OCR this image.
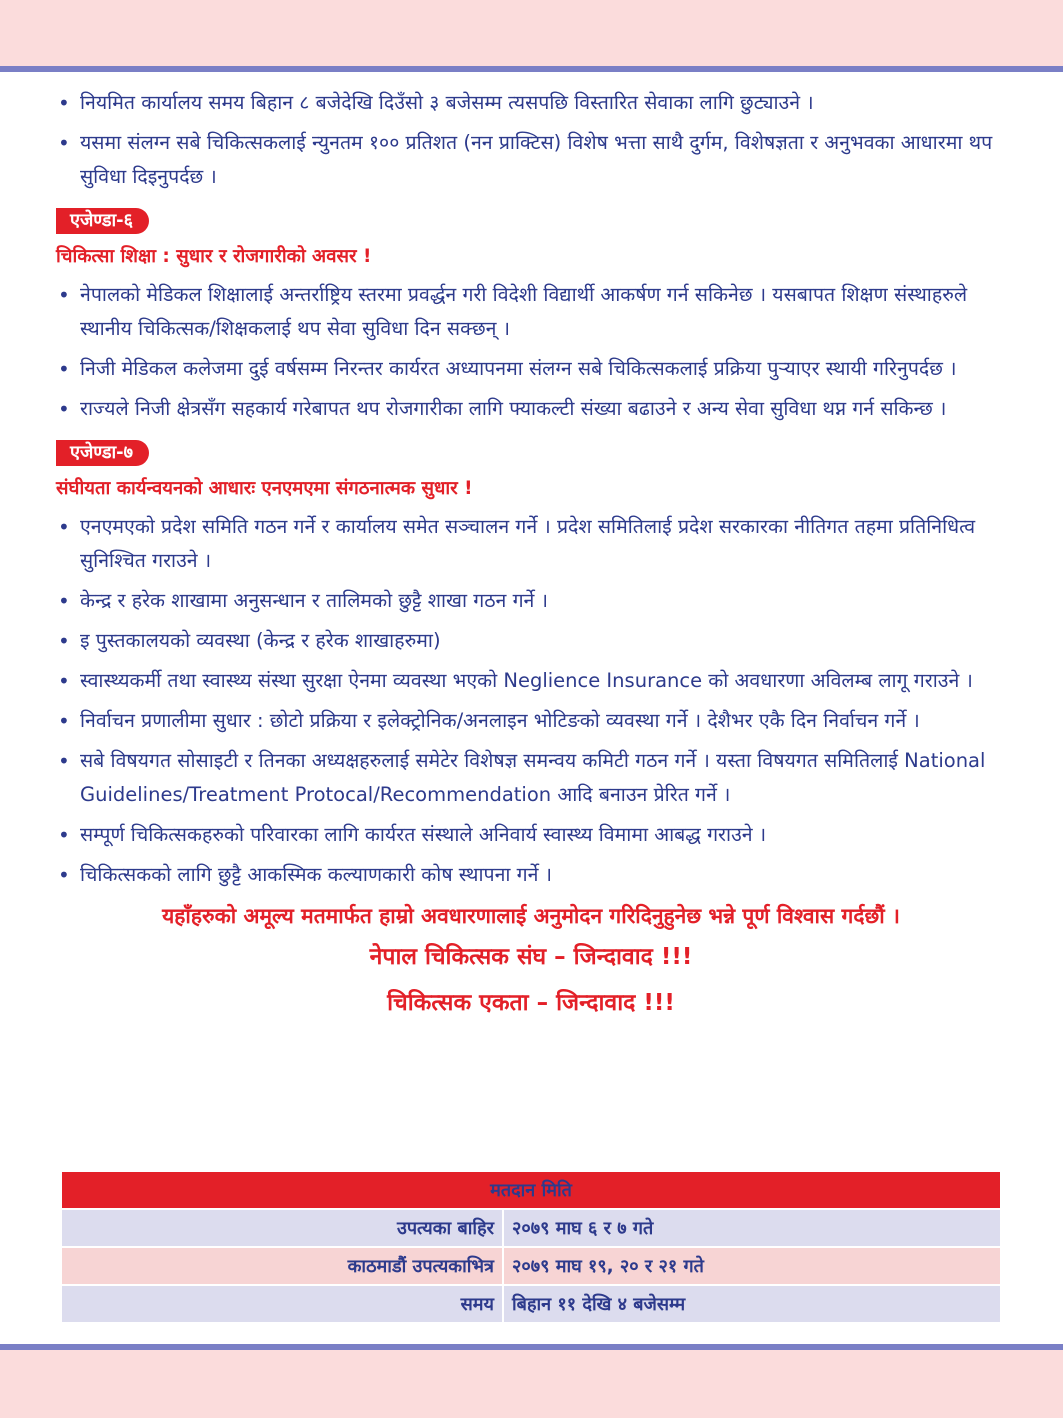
• नियमित कार्यालय समय बिहान ८ बजेदेखि दिउँसो ३ बजेसम्म त्यसपछि विस्तारित सेवाका लागि छुट्याउने ।
• यसमा संलग्न सबे चिकित्सकलाई न्युनतम १०० प्रतिशत (नन प्राक्टिस) विशेष भत्ता साथै दुर्गम, विशेषज्ञता र अनुभवका आधारमा थप सुविधा दिइनुपर्दछ ।
एजेण्डा-६
चिकित्सा शिक्षा : सुधार र रोजगारीको अवसर !
• नेपालको मेडिकल शिक्षालाई अन्तर्राष्ट्रिय स्तरमा प्रवर्द्धन गरी विदेशी विद्यार्थी आकर्षण गर्न सकिनेछ । यसबापत शिक्षण संस्थाहरुले स्थानीय चिकित्सक/शिक्षकलाई थप सेवा सुविधा दिन सक्छन् ।
• निजी मेडिकल कलेजमा दुई वर्षसम्म निरन्तर कार्यरत अध्यापनमा संलग्न सबे चिकित्सकलाई प्रक्रिया पुऱ्याएर स्थायी गरिनुपर्दछ ।
• राज्यले निजी क्षेत्रसँग सहकार्य गरेबापत थप रोजगारीका लागि फ्याकल्टी संख्या बढाउने र अन्य सेवा सुविधा थप्न गर्न सकिन्छ ।
एजेण्डा-७
संघीयता कार्यन्वयनको आधारः एनएमएमा संगठनात्मक सुधार !
• एनएमएको प्रदेश समिति गठन गर्ने र कार्यालय समेत सञ्चालन गर्ने । प्रदेश समितिलाई प्रदेश सरकारका नीतिगत तहमा प्रतिनिधित्व सुनिश्चित गराउने ।
• केन्द्र र हरेक शाखामा अनुसन्धान र तालिमको छुट्टै शाखा गठन गर्ने ।
• इ पुस्तकालयको व्यवस्था (केन्द्र र हरेक शाखाहरुमा)
• स्वास्थ्यकर्मी तथा स्वास्थ्य संस्था सुरक्षा ऐनमा व्यवस्था भएको Neglience Insurance को अवधारणा अविलम्ब लागू गराउने ।
• निर्वाचन प्रणालीमा सुधार : छोटो प्रक्रिया र इलेक्ट्रोनिक/अनलाइन भोटिङको व्यवस्था गर्ने । देशैभर एकै दिन निर्वाचन गर्ने ।
• सबे विषयगत सोसाइटी र तिनका अध्यक्षहरुलाई समेटेर विशेषज्ञ समन्वय कमिटी गठन गर्ने । यस्ता विषयगत समितिलाई National Guidelines/Treatment Protocal/Recommendation आदि बनाउन प्रेरित गर्ने ।
• सम्पूर्ण चिकित्सकहरुको परिवारका लागि कार्यरत संस्थाले अनिवार्य स्वास्थ्य विमामा आबद्ध गराउने ।
• चिकित्सकको लागि छुट्टै आकस्मिक कल्याणकारी कोष स्थापना गर्ने ।
यहाँहरुको अमूल्य मतमार्फत हाम्रो अवधारणालाई अनुमोदन गरिदिनुहुनेछ भन्ने पूर्ण विश्वास गर्दछौं ।
नेपाल चिकित्सक संघ – जिन्दावाद !!!
चिकित्सक एकता – जिन्दावाद !!!
मतदान मिति	
उपत्यका बाहिर	२०७९ माघ ६ र ७ गते
काठमाडौं उपत्यकाभित्र	२०७९ माघ १९, २० र २१ गते
समय	बिहान ११ देखि ४ बजेसम्म
